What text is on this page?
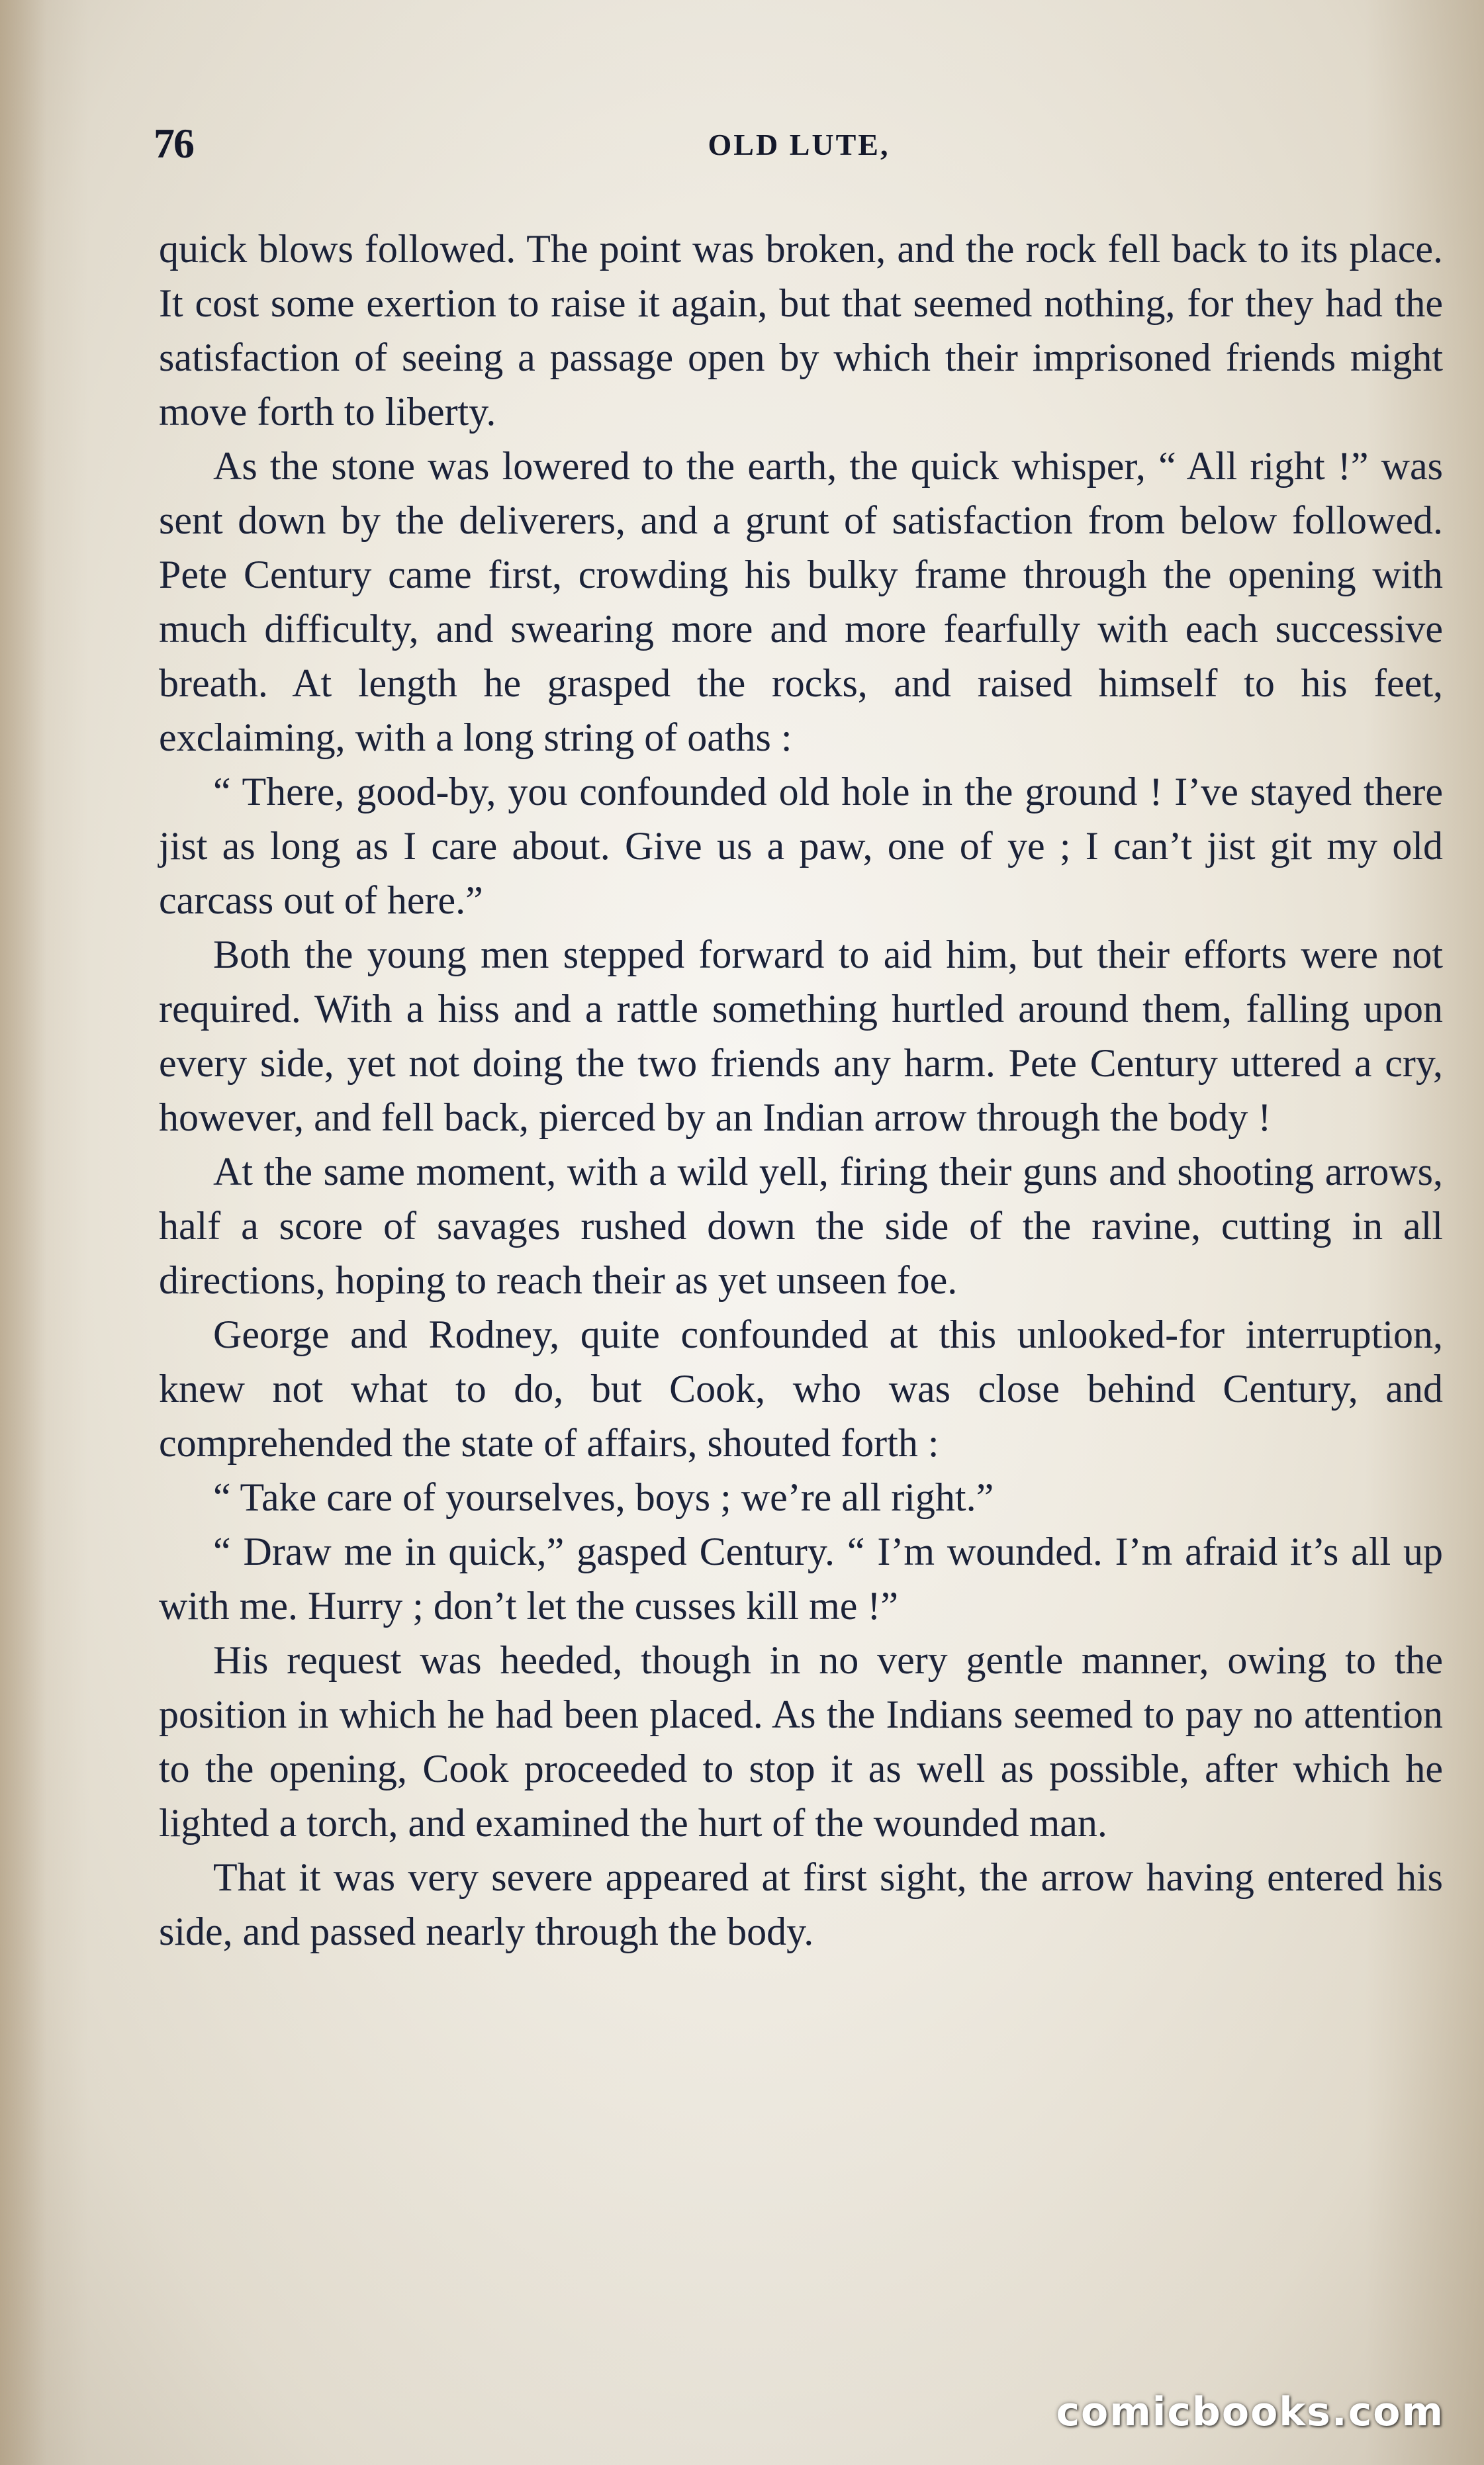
76	OLD LUTE,

quick blows followed. The point was broken, and the rock fell back to its place. It cost some exertion to raise it again, but that seemed nothing, for they had the satisfaction of seeing a passage open by which their imprisoned friends might move forth to liberty.

As the stone was lowered to the earth, the quick whisper, “ All right !” was sent down by the deliverers, and a grunt of satisfaction from below followed. Pete Century came first, crowding his bulky frame through the opening with much difficulty, and swearing more and more fearfully with each successive breath. At length he grasped the rocks, and raised himself to his feet, exclaiming, with a long string of oaths :

“ There, good-by, you confounded old hole in the ground ! I’ve stayed there jist as long as I care about. Give us a paw, one of ye ; I can’t jist git my old carcass out of here.”

Both the young men stepped forward to aid him, but their efforts were not required. With a hiss and a rattle something hurtled around them, falling upon every side, yet not doing the two friends any harm. Pete Century uttered a cry, however, and fell back, pierced by an Indian arrow through the body !

At the same moment, with a wild yell, firing their guns and shooting arrows, half a score of savages rushed down the side of the ravine, cutting in all directions, hoping to reach their as yet unseen foe.

George and Rodney, quite confounded at this unlooked-for interruption, knew not what to do, but Cook, who was close behind Century, and comprehended the state of affairs, shouted forth :

“ Take care of yourselves, boys ; we’re all right.”

“ Draw me in quick,” gasped Century. “ I’m wounded. I’m afraid it’s all up with me. Hurry ; don’t let the cusses kill me !”

His request was heeded, though in no very gentle manner, owing to the position in which he had been placed. As the Indians seemed to pay no attention to the opening, Cook proceeded to stop it as well as possible, after which he lighted a torch, and examined the hurt of the wounded man.

That it was very severe appeared at first sight, the arrow having entered his side, and passed nearly through the body.

comicbooks.com
